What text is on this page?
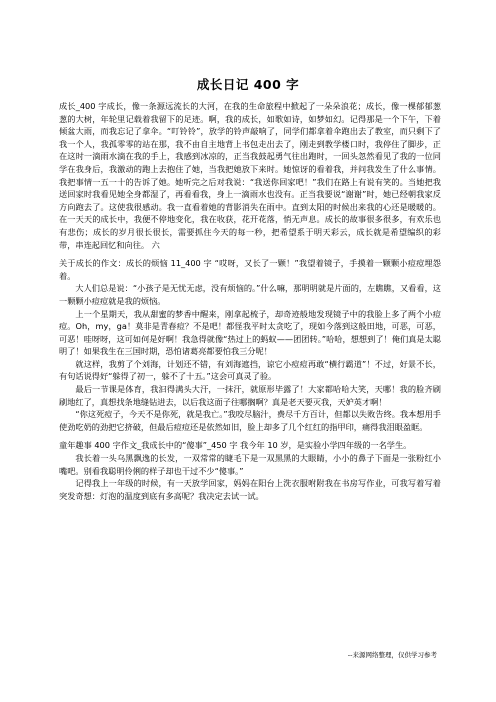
成长日记 400 字

成长_400 字成长，像一条源远流长的大河，在我的生命旅程中掀起了一朵朵浪花；成长，像一棵郁郁葱葱的大树，年轮里记载着我留下的足迹。啊，我的成长，如歌如诗，如梦如幻。记得那是一个下午，下着倾盆大雨，而我忘记了拿伞。“叮铃铃”，放学的铃声敲响了，同学们都拿着伞跑出去了教室，而只剩下了我一个人，我孤零零的站在那，我不由自主地背上书包走出去了，刚走到教学楼口时，我停住了脚步，正在这时一滴雨水滴在我的手上，我感到冰凉的，正当我鼓起勇气往出跑时，一回头忽然看见了我的一位同学在我身后，我激动的跑上去抱住了她，当我把她放下来时。她惊讶的看着我，并问我发生了什么事情。我把事情一五一十的告诉了她。她听完之后对我说：“我送你回家吧！”我们在路上有说有笑的。当她把我送回家时我看见她全身都湿了，再看看我，身上一滴雨水也没有。正当我要说“谢谢”时，她已经朝我家反方向跑去了。这使我很感动。我一直看着她的背影消失在雨中。直到太阳的时候出来我的心还是暖暖的。在一天天的成长中，我便不停地变化，我在收获，花开花落，悄无声息。成长的故事很多很多，有欢乐也有悲伤；成长的岁月很长很长，需要抓住今天的每一秒，把希望系于明天彩云，成长就是希望编织的彩带，串连起回忆和向往。 六

关于成长的作文：成长的烦恼 11_400 字 “哎呀，又长了一颗！”我望着镜子，手摸着一颗颗小痘痘埋怨着。

大人们总是说：“小孩子是无忧无虑，没有烦恼的。”什么嘛，那明明就是片面的，左瞧瞧，又看看，这一颗颗小痘痘就是我的烦恼。

上一个星期天，我从甜蜜的梦香中醒来，刚拿起梳子，却奇迹般地发现镜子中的我脸上多了两个小痘痘。Oh，my，ga！莫非是青春痘？不是吧！都怪我平时太贪吃了，现如今落到这般田地，可恶，可恶，可恶！哇呀呀，这可如何是好啊！我急得就像“热过上的蚂蚁——团团转。”哈哈，想想到了！俺们真是太聪明了！如果我生在三国时期，恐怕诸葛亮都要怕我三分呢！

就这样，我剪了个刘海，计划还不错，有刘海遮挡，谅它小痘痘再敢“横行霸道”！不过，好景不长，有句话说得好“躲得了初一，躲不了十五。”这会可真灵了验。

最后一节课是体育，我汩得满头大汗，一抹汗，就原形毕露了！大家都哈哈大笑，天哪！我的脸齐刷刷地红了，真想找条地缝钻进去，以后我这面子往哪搁啊？真是老天要灭我，天妒英才啊！

“你这死痘子，今天不是你死，就是我亡。”我咬尽脑汁，费尽千方百计，但都以失败告终。我本想用手使劲吃奶的劲把它挤破，但最后痘痘还是依然如旧，脸上却多了几个红红的指甲印，痛得我泪眼盈眶。

童年趣事 400 字作文_我成长中的“傻事”_450 字 我今年 10 岁，是实验小学四年级的一名学生。

我长着一头乌黑飘逸的长发，一双常常的睫毛下是一双黑黑的大眼睛，小小的鼻子下面是一张粉红小嘴吧。别看我聪明伶俐的样子却也干过不少“傻事。”

记得我上一年级的时候，有一天放学回家，妈妈在阳台上洗衣服咐附我在书房写作业，可我写着写着突发奇想：灯泡的温度到底有多高呢？我决定去试一试。

--来源网络整理，仅供学习参考
